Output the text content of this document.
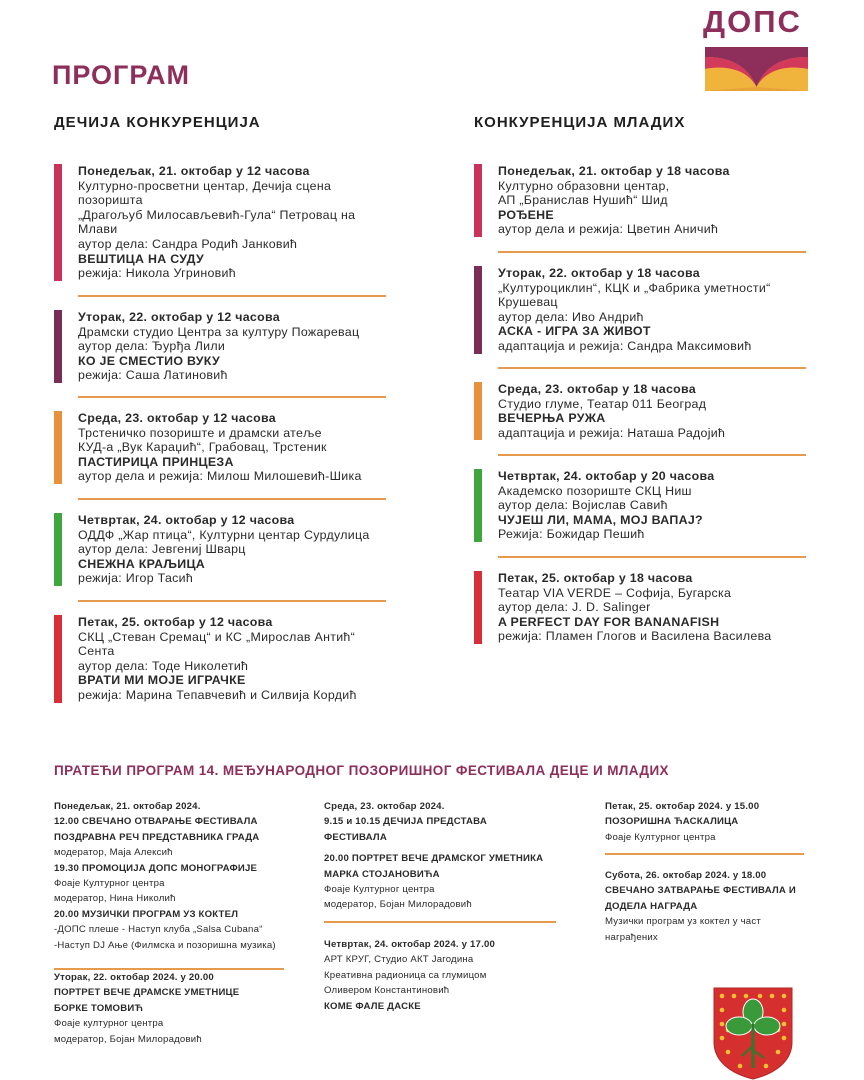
ДОПС
ПРОГРАМ
ДЕЧИЈА КОНКУРЕНЦИЈА	КОНКУРЕНЦИЈА МЛАДИХ
Понедељак, 21. октобар у 12 часова
Културно-просветни центар, Дечија сцена
позоришта
„Драгољуб Милосављевић-Гула“ Петровац на
Млави
аутор дела: Сандра Родић Јанковић
ВЕШТИЦА НА СУДУ
режија: Никола Угриновић
Уторак, 22. октобар у 12 часова
Драмски студио Центра за културу Пожаревац
аутор дела: Ђурђа Лили
КО ЈЕ СМЕСТИО ВУКУ
режија: Саша Латиновић
Среда, 23. октобар у 12 часова
Трстеничко позориште и драмски атеље
КУД-а „Вук Караџић“, Грабовац, Трстеник
ПАСТИРИЦА ПРИНЦЕЗА
аутор дела и режија: Милош Милошевић-Шика
Четвртак, 24. октобар у 12 часова
ОДДФ „Жар птица“, Културни центар Сурдулица
аутор дела: Јевгениј Шварц
СНЕЖНА КРАЉИЦА
режија: Игор Тасић
Петак, 25. октобар у 12 часова
СКЦ „Стеван Сремац“ и КС „Мирослав Антић“
Сента
аутор дела: Тоде Николетић
ВРАТИ МИ МОЈЕ ИГРАЧКЕ
режија: Марина Тепавчевић и Силвија Кордић
Понедељак, 21. октобар у 18 часова
Културно образовни центар,
АП „Бранислав Нушић“ Шид
РОЂЕНЕ
аутор дела и режија: Цветин Аничић
Уторак, 22. октобар у 18 часова
„Културоциклин“, КЦК и „Фабрика уметности“
Крушевац
аутор дела: Иво Андрић
АСКА - ИГРА ЗА ЖИВОТ
адаптација и режија: Сандра Максимовић
Среда, 23. октобар у 18 часова
Студио глуме, Театар 011 Београд
ВЕЧЕРЊА РУЖА
адаптација и режија: Наташа Радојић
Четвртак, 24. октобар у 20 часова
Академско позориште СКЦ Ниш
аутор дела: Војислав Савић
ЧУЈЕШ ЛИ, МАМА, МОЈ ВАПАЈ?
Режија: Божидар Пешић
Петак, 25. октобар у 18 часова
Театар VIA VERDE – Софија, Бугарска
аутор дела: J. D. Salinger
A PERFECT DAY FOR BANANAFISH
режија: Пламен Глогов и Василена Василева
ПРАТЕЋИ ПРОГРАМ 14. МЕЂУНАРОДНОГ ПОЗОРИШНОГ ФЕСТИВАЛА ДЕЦЕ И МЛАДИХ
Понедељак, 21. октобар 2024.
12.00 СВЕЧАНО ОТВАРАЊЕ ФЕСТИВАЛА
ПОЗДРАВНА РЕЧ ПРЕДСТАВНИКА ГРАДА
модератор, Маја Алексић
19.30 ПРОМОЦИЈА ДОПС МОНОГРАФИЈЕ
Фоаје Културног центра
модератор, Нина Николић
20.00 МУЗИЧКИ ПРОГРАМ УЗ КОКТЕЛ
-ДОПС плеше - Наступ клуба „Salsa Cubana“
-Наступ DJ Ање (Филмска и позоришна музика)
Уторак, 22. октобар 2024. у 20.00
ПОРТРЕТ ВЕЧЕ ДРАМСКЕ УМЕТНИЦЕ
БОРКЕ ТОМОВИЋ
Фоаје културног центра
модератор, Бојан Милорадовић
Среда, 23. октобар 2024.
9.15 и 10.15 ДЕЧИЈА ПРЕДСТАВА
ФЕСТИВАЛА
20.00 ПОРТРЕТ ВЕЧЕ ДРАМСКОГ УМЕТНИКА
МАРКА СТОЈАНОВИЋА
Фоаје Културног центра
модератор, Бојан Милорадовић
Четвртак, 24. октобар 2024. у 17.00
АРТ КРУГ, Студио АКТ Јагодина
Креативна радионица са глумицом
Оливером Константиновић
КОМЕ ФАЛЕ ДАСКЕ
Петак, 25. октобар 2024. у 15.00
ПОЗОРИШНА ЋАСКАЛИЦА
Фоаје Културног центра
Субота, 26. октобар 2024. у 18.00
СВЕЧАНО ЗАТВАРАЊЕ ФЕСТИВАЛА И
ДОДЕЛА НАГРАДА
Музички програм уз коктел у част
награђених
